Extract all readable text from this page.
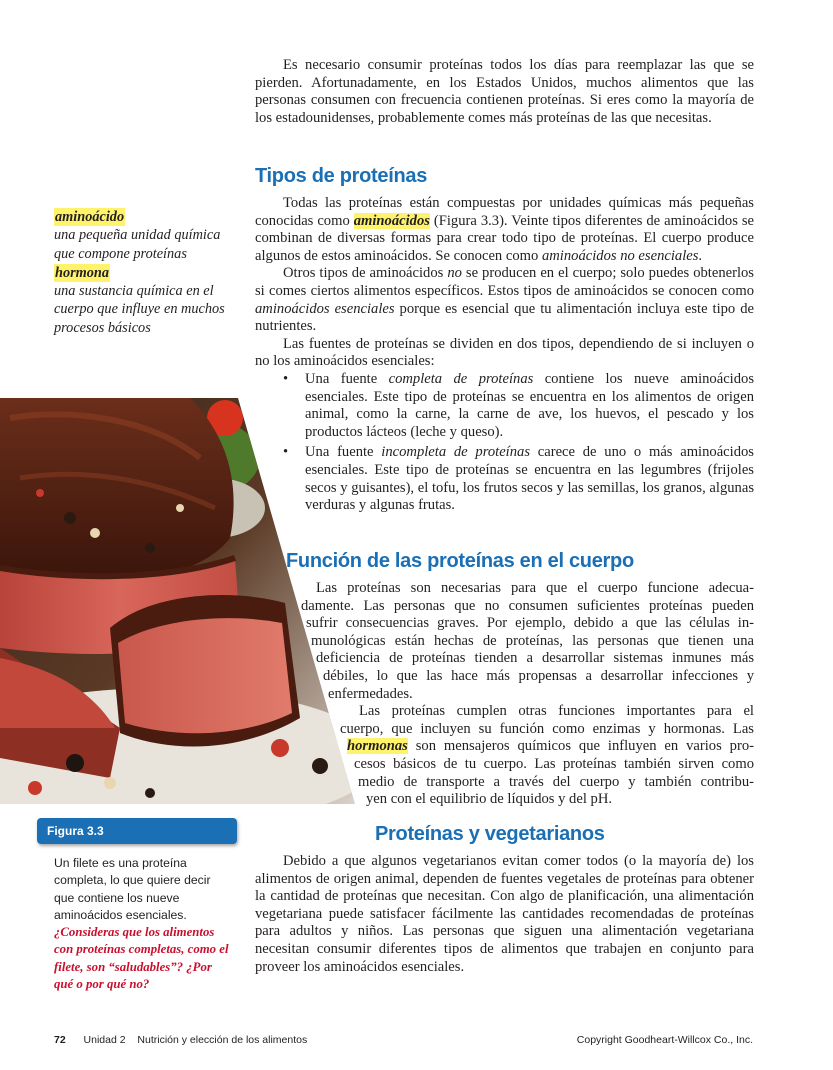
Es necesario consumir proteínas todos los días para reemplazar las que se pierden. Afortunadamente, en los Estados Unidos, muchos alimentos que las personas consumen con frecuencia contienen proteínas. Si eres como la mayoría de los estadounidenses, probablemente comes más proteínas de las que necesitas.

Tipos de proteínas

Todas las proteínas están compuestas por unidades químicas más pequeñas conocidas como aminoácidos (Figura 3.3). Veinte tipos diferentes de aminoácidos se combinan de diversas formas para crear todo tipo de proteínas. El cuerpo produce algunos de estos aminoácidos. Se conocen como aminoácidos no esenciales.

Otros tipos de aminoácidos no se producen en el cuerpo; solo puedes obtenerlos si comes ciertos alimentos específicos. Estos tipos de aminoácidos se conocen como aminoácidos esenciales porque es esencial que tu alimentación incluya este tipo de nutrientes.

Las fuentes de proteínas se dividen en dos tipos, dependiendo de si incluyen o no los aminoácidos esenciales:

• Una fuente completa de proteínas contiene los nueve aminoácidos esenciales. Este tipo de proteínas se encuentra en los alimentos de origen animal, como la carne, la carne de ave, los huevos, el pescado y los productos lácteos (leche y queso).
• Una fuente incompleta de proteínas carece de uno o más aminoácidos esenciales. Este tipo de proteínas se encuentra en las legumbres (frijoles secos y guisantes), el tofu, los frutos secos y las semillas, los granos, algunas verduras y algunas frutas.
aminoácido
una pequeña unidad química que compone proteínas
hormona
una sustancia química en el cuerpo que influye en muchos procesos básicos
Función de las proteínas en el cuerpo
Las proteínas son necesarias para que el cuerpo funcione adecua-
damente. Las personas que no consumen suficientes proteínas pueden
sufrir consecuencias graves. Por ejemplo, debido a que las células in-
munológicas están hechas de proteínas, las personas que tienen una
deficiencia de proteínas tienden a desarrollar sistemas inmunes más
débiles, lo que las hace más propensas a desarrollar infecciones y
enfermedades.
Las proteínas cumplen otras funciones importantes para el
cuerpo, que incluyen su función como enzimas y hormonas. Las
hormonas son mensajeros químicos que influyen en varios pro-
cesos básicos de tu cuerpo. Las proteínas también sirven como
medio de transporte a través del cuerpo y también contribu-
yen con el equilibrio de líquidos y del pH.
Proteínas y vegetarianos

Debido a que algunos vegetarianos evitan comer todos (o la mayoría de) los alimentos de origen animal, dependen de fuentes vegetales de proteínas para obtener la cantidad de proteínas que necesitan. Con algo de planificación, una alimentación vegetariana puede satisfacer fácilmente las cantidades recomendadas de proteínas para adultos y niños. Las personas que siguen una alimentación vegetariana necesitan consumir diferentes tipos de alimentos que trabajen en conjunto para proveer los aminoácidos esenciales.

Figura 3.3
Un filete es una proteína completa, lo que quiere decir que contiene los nueve aminoácidos esenciales.
¿Consideras que los alimentos con proteínas completas, como el filete, son “saludables”? ¿Por qué o por qué no?
72 Unidad 2 Nutrición y elección de los alimentos	Copyright Goodheart-Willcox Co., Inc.
